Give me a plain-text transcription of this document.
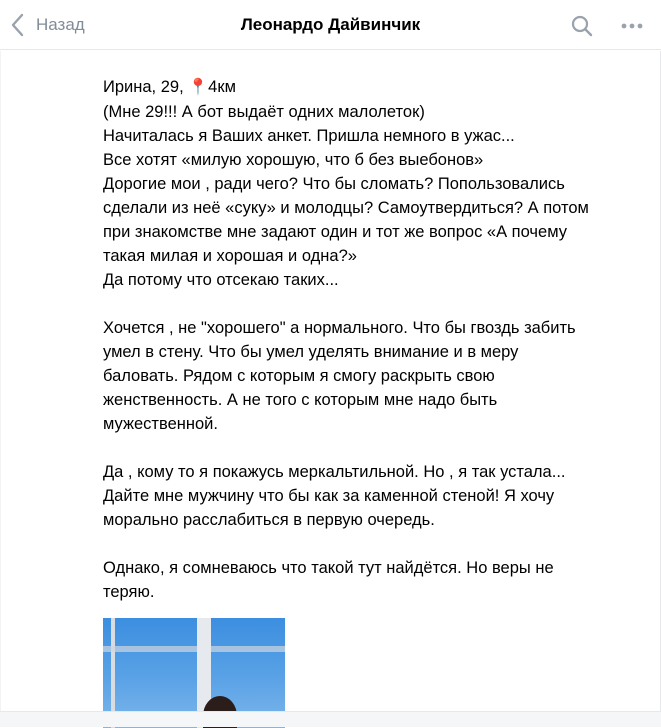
Назад	Леонардо Дайвинчик

Ирина, 29, 📍4км

(Мне 29!!! А бот выдаёт одних малолеток)

Начиталась я Ваших анкет. Пришла немного в ужас...

Все хотят «милую хорошую, что б без выебонов»

Дорогие мои , ради чего? Что бы сломать? Попользовались

сделали из неё «суку» и молодцы? Самоутвердиться? А потом

при знакомстве мне задают один и тот же вопрос «А почему

такая милая и хорошая и одна?»

Да потому что отсекаю таких...

Хочется , не "хорошего" а нормального. Что бы гвоздь забить

умел в стену. Что бы умел уделять внимание и в меру

баловать. Рядом с которым я смогу раскрыть свою

женственность. А не того с которым мне надо быть

мужественной.

Да , кому то я покажусь меркальтильной. Но , я так устала...

Дайте мне мужчину что бы как за каменной стеной! Я хочу

морально расслабиться в первую очередь.

Однако, я сомневаюсь что такой тут найдётся. Но веры не

теряю.
